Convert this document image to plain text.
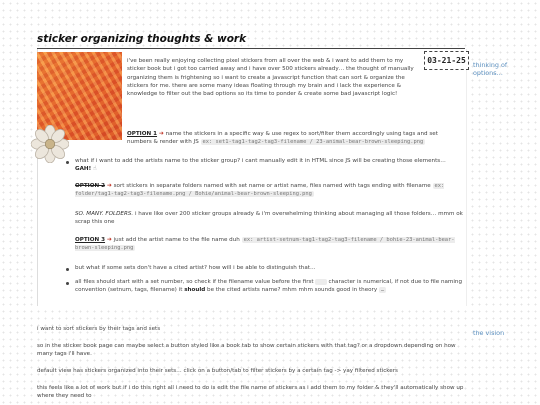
sticker organizing thoughts & work
03-21-25	thinking of options…
the vision

i've been really enjoying collecting pixel stickers from all over the web & i want to add them to my sticker book but i got too carried away and i have over 500 stickers already… the thought of manually organizing them is frightening so i want to create a javascript function that can sort & organize the stickers for me. there are some many ideas floating through my brain and i lack the experience & knowledge to filter out the bad options so its time to ponder & create some bad javascript logic!

OPTION 1 ➜ name the stickers in a specific way & use regex to sort/filter them accordingly using tags and set numbers & render with JS ex: set1-tag1-tag2-tag3-filename / 23-animal-bear-brown-sleeping.png

what if i want to add the artists name to the sticker group? i cant manually edit it in HTML since JS will be creating those elements… GAH! ☝

OPTION 2 ➜ sort stickers in separate folders named with set name or artist name, files named with tags ending with filename ex: folder/tag1-tag2-tag3-filename.png / Bohie/animal-bear-brown-sleeping.png

SO. MANY. FOLDERS. i have like over 200 sticker groups already & i'm overwhelming thinking about managing all those folders… mmm ok scrap this one

OPTION 3 ➜ just add the artist name to the file name duh ex: artist-setnum-tag1-tag2-tag3-filename / bohie-23-animal-bear-brown-sleeping.png

but what if some sets don't have a cited artist? how will i be able to distinguish that…

all files should start with a set number, so check if the filename value before the first	character is numerical, if not due to file naming convention (setnum, tags, filename) it should be the cited artists name? mhm mhm sounds good in theory …

i want to sort stickers by their tags and sets

so in the sticker book page can maybe select a button styled like a book tab to show certain stickers with that tag? or a dropdown depending on how many tags i'll have.

default view has stickers organized into their sets… click on a button/tab to filter stickers by a certain tag -> yay filtered stickers

this feels like a lot of work but if i do this right all i need to do is edit the file name of stickers as i add them to my folder & they'll automatically show up where they need to
